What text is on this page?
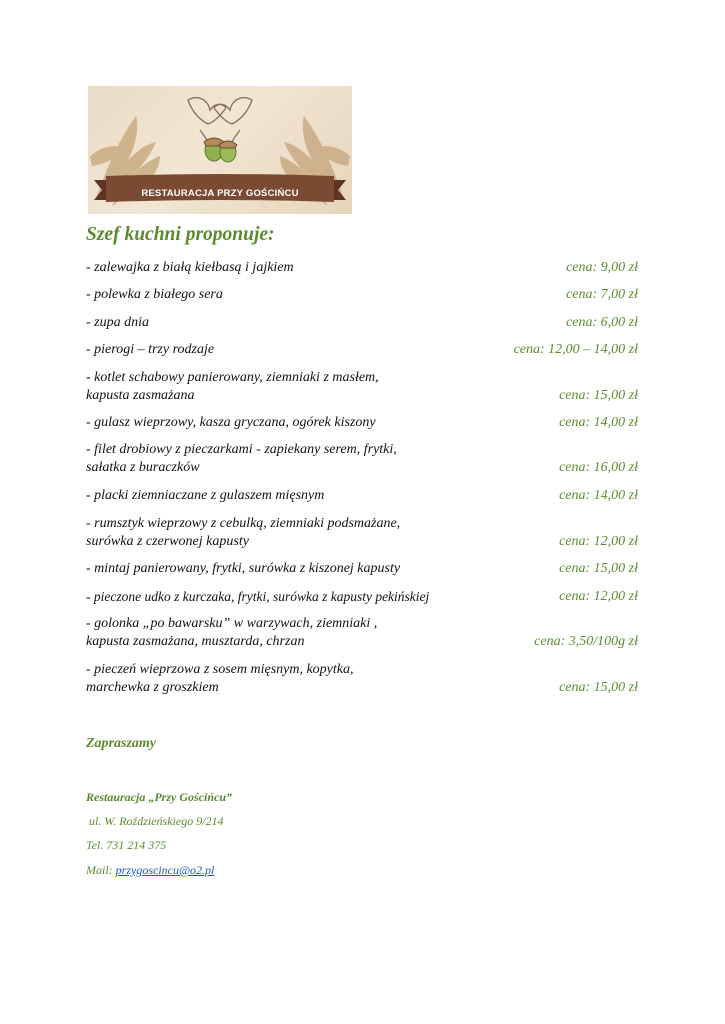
RESTAURACJA PRZY GOŚCIŃCU
Szef kuchni proponuje:
- zalewajka z białą kiełbasą i jajkiem	cena: 9,00 zł
- polewka z białego sera	cena: 7,00 zł
- zupa dnia	cena: 6,00 zł
- pierogi – trzy rodzaje	cena: 12,00 – 14,00 zł
- kotlet schabowy panierowany, ziemniaki z masłem,
kapusta zasmażana	cena: 15,00 zł
- gulasz wieprzowy, kasza gryczana, ogórek kiszony	cena: 14,00 zł
- filet drobiowy z pieczarkami - zapiekany serem, frytki,
sałatka z buraczków	cena: 16,00 zł
- placki ziemniaczane z gulaszem mięsnym	cena: 14,00 zł
- rumsztyk wieprzowy z cebulką, ziemniaki podsmażane,
surówka z czerwonej kapusty	cena: 12,00 zł
- mintaj panierowany, frytki, surówka z kiszonej kapusty	cena: 15,00 zł
- pieczone udko z kurczaka, frytki, surówka z kapusty pekińskiej	cena: 12,00 zł
- golonka „po bawarsku” w warzywach, ziemniaki ,
kapusta zasmażana, musztarda, chrzan	cena: 3,50/100g zł
- pieczeń wieprzowa z sosem mięsnym, kopytka,
marchewka z groszkiem	cena: 15,00 zł
Zapraszamy
Restauracja „Przy Gościńcu”
ul. W. Roździeńskiego 9/214
Tel. 731 214 375
Mail: przygoscincu@o2.pl
